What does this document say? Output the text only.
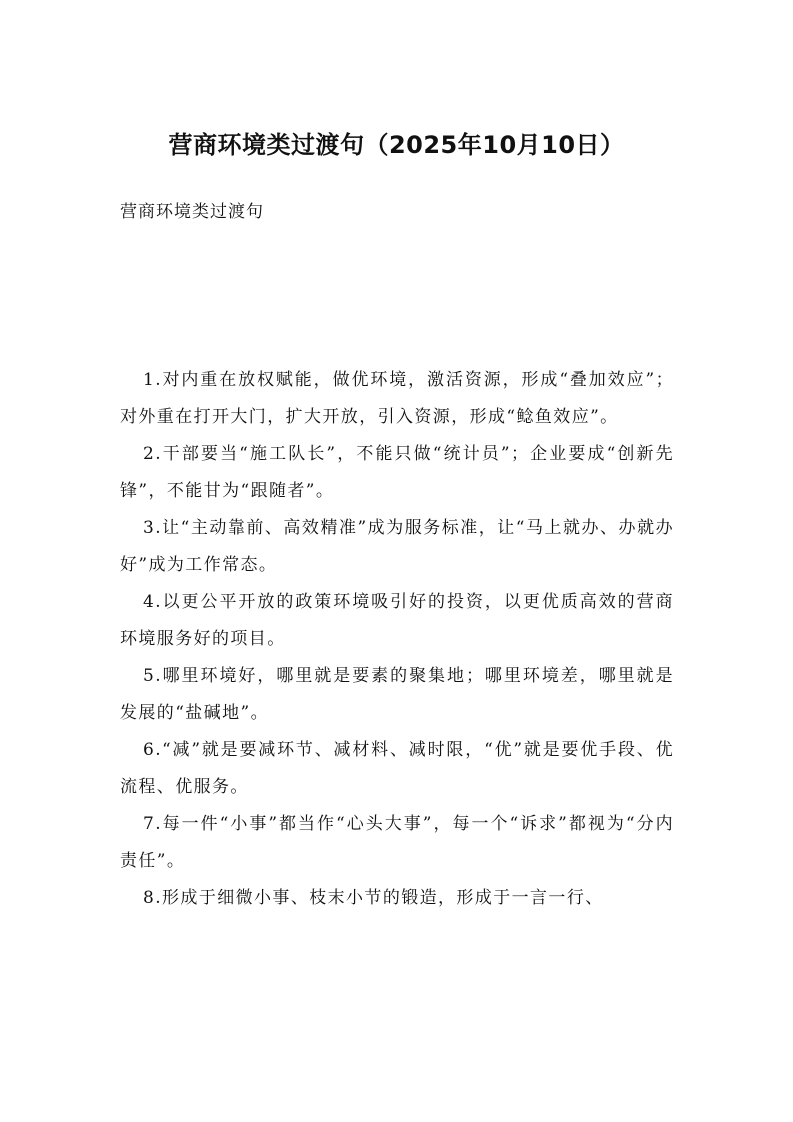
营商环境类过渡句（2025年10月10日）
营商环境类过渡句

1.对内重在放权赋能，做优环境，激活资源，形成“叠加效应”；对外重在打开大门，扩大开放，引入资源，形成“鲶鱼效应”。

2.干部要当“施工队长”，不能只做“统计员”；企业要成“创新先锋”，不能甘为“跟随者”。

3.让“主动靠前、高效精准”成为服务标准，让“马上就办、办就办好”成为工作常态。

4.以更公平开放的政策环境吸引好的投资，以更优质高效的营商环境服务好的项目。

5.哪里环境好，哪里就是要素的聚集地；哪里环境差，哪里就是发展的“盐碱地”。

6.“减”就是要减环节、减材料、减时限，“优”就是要优手段、优流程、优服务。

7.每一件“小事”都当作“心头大事”，每一个“诉求”都视为“分内责任”。

8.形成于细微小事、枝末小节的锻造，形成于一言一行、
